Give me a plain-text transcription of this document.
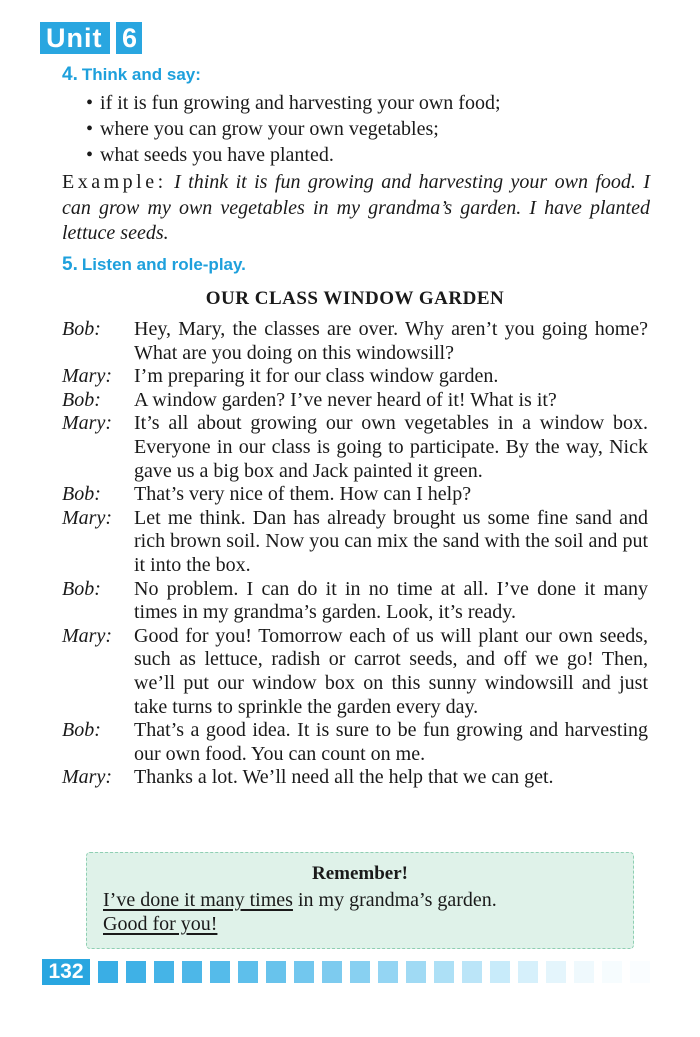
Unit 6
4. Think and say:
• if it is fun growing and harvesting your own food;
• where you can grow your own vegetables;
• what seeds you have planted.
Example: I think it is fun growing and harvesting your own food. I can grow my own vegetables in my grandma’s garden. I have planted lettuce seeds.
5. Listen and role-play.
OUR CLASS WINDOW GARDEN
Bob:	Hey, Mary, the classes are over. Why aren’t you going home? What are you doing on this windowsill?
Mary:	I’m preparing it for our class window garden.
Bob:	A window garden? I’ve never heard of it! What is it?
Mary:	It’s all about growing our own vegetables in a window box. Everyone in our class is going to participate. By the way, Nick gave us a big box and Jack painted it green.
Bob:	That’s very nice of them. How can I help?
Mary:	Let me think. Dan has already brought us some fine sand and rich brown soil. Now you can mix the sand with the soil and put it into the box.
Bob:	No problem. I can do it in no time at all. I’ve done it many times in my grandma’s garden. Look, it’s ready.
Mary:	Good for you! Tomorrow each of us will plant our own seeds, such as lettuce, radish or carrot seeds, and off we go! Then, we’ll put our window box on this sunny windowsill and just take turns to sprinkle the garden every day.
Bob:	That’s a good idea. It is sure to be fun growing and harvesting our own food. You can count on me.
Mary:	Thanks a lot. We’ll need all the help that we can get.
Remember!
I’ve done it many times in my grandma’s garden.
Good for you!
132
